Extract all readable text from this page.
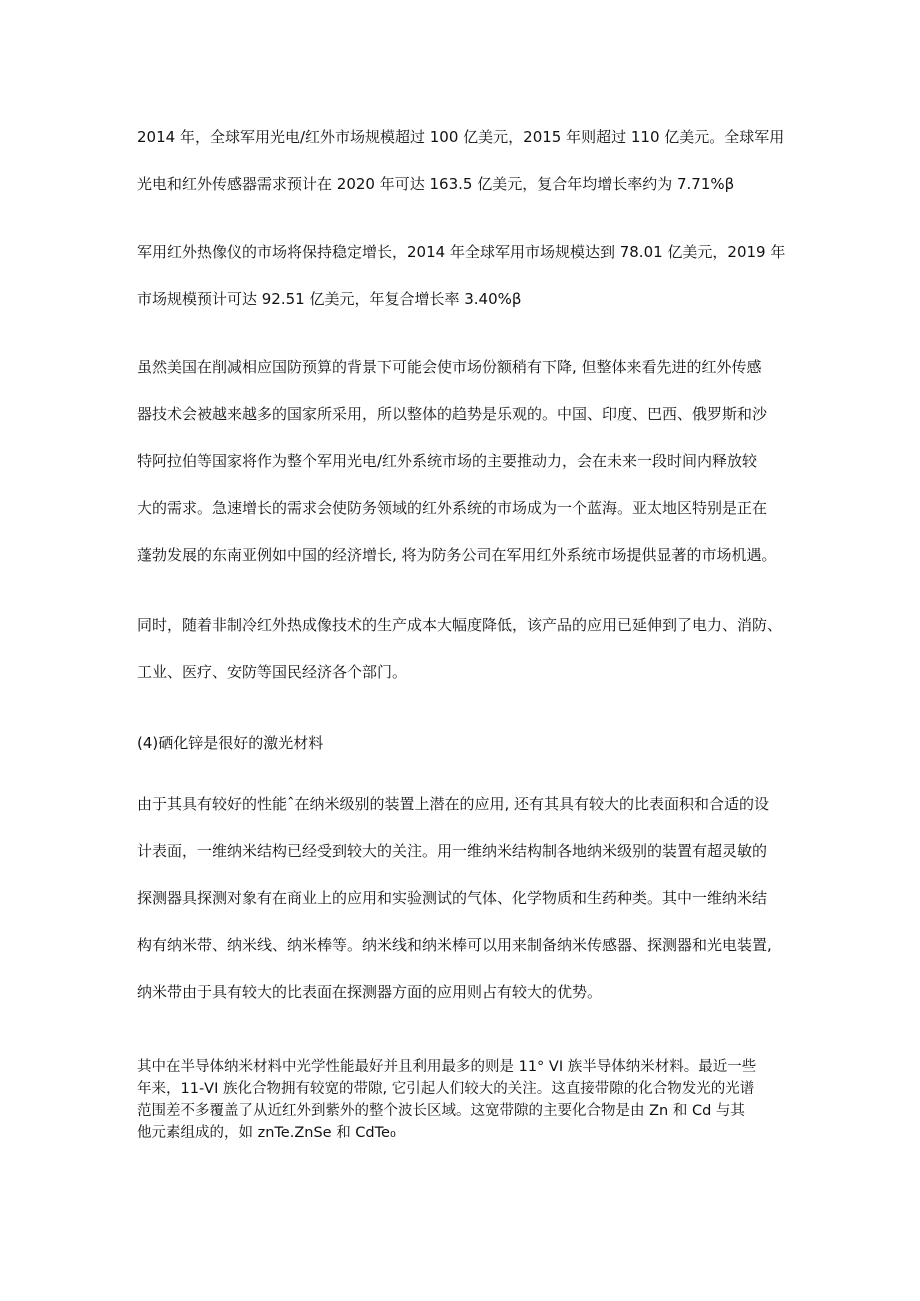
2014 年，全球军用光电/红外市场规模超过 100 亿美元，2015 年则超过 110 亿美元。全球军用
光电和红外传感器需求预计在 2020 年可达 163.5 亿美元，复合年均增长率约为 7.71%β
军用红外热像仪的市场将保持稳定增长，2014 年全球军用市场规模达到 78.01 亿美元，2019 年
市场规模预计可达 92.51 亿美元，年复合增长率 3.40%β
虽然美国在削减相应国防预算的背景下可能会使市场份额稍有下降, 但整体来看先进的红外传感
器技术会被越来越多的国家所采用，所以整体的趋势是乐观的。中国、印度、巴西、俄罗斯和沙
特阿拉伯等国家将作为整个军用光电/红外系统市场的主要推动力，会在未来一段时间内释放较
大的需求。急速增长的需求会使防务领域的红外系统的市场成为一个蓝海。亚太地区特别是正在
蓬勃发展的东南亚例如中国的经济增长, 将为防务公司在军用红外系统市场提供显著的市场机遇。
同时，随着非制冷红外热成像技术的生产成本大幅度降低，该产品的应用已延伸到了电力、消防、
工业、医疗、安防等国民经济各个部门。
(4)硒化锌是很好的激光材料
由于其具有较好的性能ˆ在纳米级别的装置上潜在的应用, 还有其具有较大的比表面积和合适的设
计表面，一维纳米结构已经受到较大的关注。用一维纳米结构制各地纳米级别的装置有超灵敏的
探测器具探测对象有在商业上的应用和实验测试的气体、化学物质和生药种类。其中一维纳米结
构有纳米带、纳米线、纳米棒等。纳米线和纳米棒可以用来制备纳米传感器、探测器和光电装置,
纳米带由于具有较大的比表面在探测器方面的应用则占有较大的优势。
其中在半导体纳米材料中光学性能最好并且利用最多的则是 11° VI 族半导体纳米材料。最近一些
年来，11-VI 族化合物拥有较宽的带隙, 它引起人们较大的关注。这直接带隙的化合物发光的光谱
范围差不多覆盖了从近红外到紫外的整个波长区域。这宽带隙的主要化合物是由 Zn 和 Cd 与其
他元素组成的，如 znTe.ZnSe 和 CdTe₀
